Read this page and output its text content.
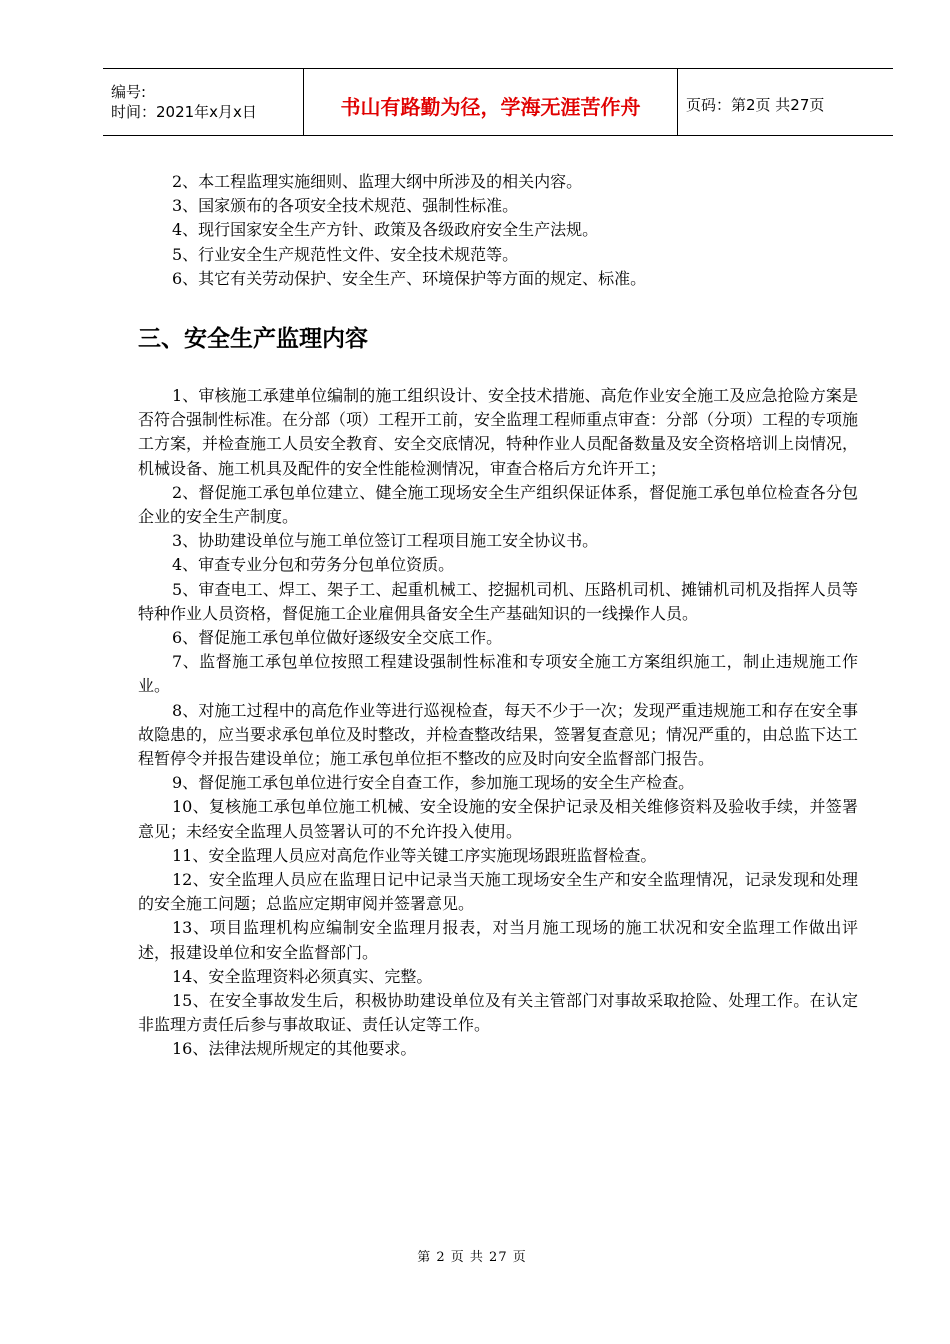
编号:
时间：2021年x月x日	书山有路勤为径，学海无涯苦作舟	页码：第2页 共27页
2、本工程监理实施细则、监理大纲中所涉及的相关内容。
3、国家颁布的各项安全技术规范、强制性标准。
4、现行国家安全生产方针、政策及各级政府安全生产法规。
5、行业安全生产规范性文件、安全技术规范等。
6、其它有关劳动保护、安全生产、环境保护等方面的规定、标准。
三、安全生产监理内容

1、审核施工承建单位编制的施工组织设计、安全技术措施、高危作业安全施工及应急抢险方案是否符合强制性标准。在分部（项）工程开工前，安全监理工程师重点审查：分部（分项）工程的专项施工方案，并检查施工人员安全教育、安全交底情况，特种作业人员配备数量及安全资格培训上岗情况，机械设备、施工机具及配件的安全性能检测情况，审查合格后方允许开工；

2、督促施工承包单位建立、健全施工现场安全生产组织保证体系，督促施工承包单位检查各分包企业的安全生产制度。

3、协助建设单位与施工单位签订工程项目施工安全协议书。

4、审查专业分包和劳务分包单位资质。

5、审查电工、焊工、架子工、起重机械工、挖掘机司机、压路机司机、摊铺机司机及指挥人员等特种作业人员资格，督促施工企业雇佣具备安全生产基础知识的一线操作人员。

6、督促施工承包单位做好逐级安全交底工作。

7、监督施工承包单位按照工程建设强制性标准和专项安全施工方案组织施工，制止违规施工作业。

8、对施工过程中的高危作业等进行巡视检查，每天不少于一次；发现严重违规施工和存在安全事故隐患的，应当要求承包单位及时整改，并检查整改结果，签署复查意见；情况严重的，由总监下达工程暂停令并报告建设单位；施工承包单位拒不整改的应及时向安全监督部门报告。

9、督促施工承包单位进行安全自查工作，参加施工现场的安全生产检查。

10、复核施工承包单位施工机械、安全设施的安全保护记录及相关维修资料及验收手续，并签署意见；未经安全监理人员签署认可的不允许投入使用。

11、安全监理人员应对高危作业等关键工序实施现场跟班监督检查。

12、安全监理人员应在监理日记中记录当天施工现场安全生产和安全监理情况，记录发现和处理的安全施工问题；总监应定期审阅并签署意见。

13、项目监理机构应编制安全监理月报表，对当月施工现场的施工状况和安全监理工作做出评述，报建设单位和安全监督部门。

14、安全监理资料必须真实、完整。

15、在安全事故发生后，积极协助建设单位及有关主管部门对事故采取抢险、处理工作。在认定非监理方责任后参与事故取证、责任认定等工作。

16、法律法规所规定的其他要求。

第 2 页 共 27 页
